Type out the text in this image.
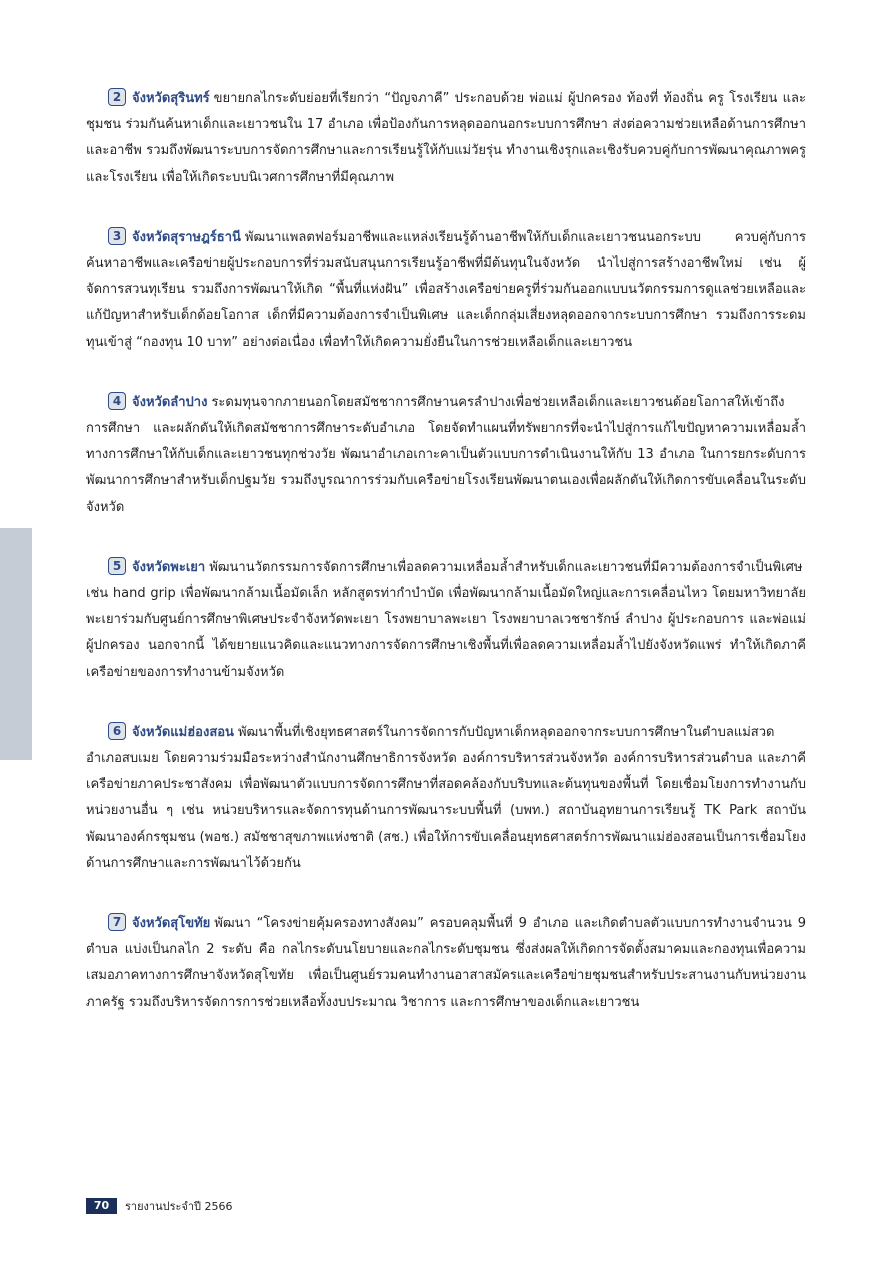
2 จังหวัดสุรินทร์ ขยายกลไกระดับย่อยที่เรียกว่า “ปัญจภาคี” ประกอบด้วย พ่อแม่ ผู้ปกครอง ท้องที่ ท้องถิ่น ครู โรงเรียน และชุมชน ร่วมกันค้นหาเด็กและเยาวชนใน 17 อำเภอ เพื่อป้องกันการหลุดออกนอกระบบการศึกษา ส่งต่อความช่วยเหลือด้านการศึกษาและอาชีพ รวมถึงพัฒนาระบบการจัดการศึกษาและการเรียนรู้ให้กับแม่วัยรุ่น ทำงานเชิงรุกและเชิงรับควบคู่กับการพัฒนาคุณภาพครูและโรงเรียน เพื่อให้เกิดระบบนิเวศการศึกษาที่มีคุณภาพ

3 จังหวัดสุราษฎร์ธานี พัฒนาแพลตฟอร์มอาชีพและแหล่งเรียนรู้ด้านอาชีพให้กับเด็กและเยาวชนนอกระบบ ควบคู่กับการค้นหาอาชีพและเครือข่ายผู้ประกอบการที่ร่วมสนับสนุนการเรียนรู้อาชีพที่มีต้นทุนในจังหวัด นำไปสู่การสร้างอาชีพใหม่ เช่น ผู้จัดการสวนทุเรียน รวมถึงการพัฒนาให้เกิด “พื้นที่แห่งฝัน” เพื่อสร้างเครือข่ายครูที่ร่วมกันออกแบบนวัตกรรมการดูแลช่วยเหลือและแก้ปัญหาสำหรับเด็กด้อยโอกาส เด็กที่มีความต้องการจำเป็นพิเศษ และเด็กกลุ่มเสี่ยงหลุดออกจากระบบการศึกษา รวมถึงการระดมทุนเข้าสู่ “กองทุน 10 บาท” อย่างต่อเนื่อง เพื่อทำให้เกิดความยั่งยืนในการช่วยเหลือเด็กและเยาวชน

4 จังหวัดลำปาง ระดมทุนจากภายนอกโดยสมัชชาการศึกษานครลำปางเพื่อช่วยเหลือเด็กและเยาวชนด้อยโอกาสให้เข้าถึงการศึกษา และผลักดันให้เกิดสมัชชาการศึกษาระดับอำเภอ โดยจัดทำแผนที่ทรัพยากรที่จะนำไปสู่การแก้ไขปัญหาความเหลื่อมล้ำทางการศึกษาให้กับเด็กและเยาวชนทุกช่วงวัย พัฒนาอำเภอเกาะคาเป็นตัวแบบการดำเนินงานให้กับ 13 อำเภอ ในการยกระดับการพัฒนาการศึกษาสำหรับเด็กปฐมวัย รวมถึงบูรณาการร่วมกับเครือข่ายโรงเรียนพัฒนาตนเองเพื่อผลักดันให้เกิดการขับเคลื่อนในระดับจังหวัด

5 จังหวัดพะเยา พัฒนานวัตกรรมการจัดการศึกษาเพื่อลดความเหลื่อมล้ำสำหรับเด็กและเยาวชนที่มีความต้องการจำเป็นพิเศษ เช่น hand grip เพื่อพัฒนากล้ามเนื้อมัดเล็ก หลักสูตรท่ากำบำบัด เพื่อพัฒนากล้ามเนื้อมัดใหญ่และการเคลื่อนไหว โดยมหาวิทยาลัยพะเยาร่วมกับศูนย์การศึกษาพิเศษประจำจังหวัดพะเยา โรงพยาบาลพะเยา โรงพยาบาลเวชชารักษ์ ลำปาง ผู้ประกอบการ และพ่อแม่ผู้ปกครอง นอกจากนี้ ได้ขยายแนวคิดและแนวทางการจัดการศึกษาเชิงพื้นที่เพื่อลดความเหลื่อมล้ำไปยังจังหวัดแพร่ ทำให้เกิดภาคีเครือข่ายของการทำงานข้ามจังหวัด

6 จังหวัดแม่ฮ่องสอน พัฒนาพื้นที่เชิงยุทธศาสตร์ในการจัดการกับปัญหาเด็กหลุดออกจากระบบการศึกษาในตำบลแม่สวด อำเภอสบเมย โดยความร่วมมือระหว่างสำนักงานศึกษาธิการจังหวัด องค์การบริหารส่วนจังหวัด องค์การบริหารส่วนตำบล และภาคีเครือข่ายภาคประชาสังคม เพื่อพัฒนาตัวแบบการจัดการศึกษาที่สอดคล้องกับบริบทและต้นทุนของพื้นที่ โดยเชื่อมโยงการทำงานกับหน่วยงานอื่น ๆ เช่น หน่วยบริหารและจัดการทุนด้านการพัฒนาระบบพื้นที่ (บพท.) สถาบันอุทยานการเรียนรู้ TK Park สถาบันพัฒนาองค์กรชุมชน (พอช.) สมัชชาสุขภาพแห่งชาติ (สช.) เพื่อให้การขับเคลื่อนยุทธศาสตร์การพัฒนาแม่ฮ่องสอนเป็นการเชื่อมโยงด้านการศึกษาและการพัฒนาไว้ด้วยกัน

7 จังหวัดสุโขทัย พัฒนา “โครงข่ายคุ้มครองทางสังคม” ครอบคลุมพื้นที่ 9 อำเภอ และเกิดตำบลตัวแบบการทำงานจำนวน 9 ตำบล แบ่งเป็นกลไก 2 ระดับ คือ กลไกระดับนโยบายและกลไกระดับชุมชน ซึ่งส่งผลให้เกิดการจัดตั้งสมาคมและกองทุนเพื่อความเสมอภาคทางการศึกษาจังหวัดสุโขทัย เพื่อเป็นศูนย์รวมคนทำงานอาสาสมัครและเครือข่ายชุมชนสำหรับประสานงานกับหน่วยงานภาครัฐ รวมถึงบริหารจัดการการช่วยเหลือทั้งงบประมาณ วิชาการ และการศึกษาของเด็กและเยาวชน

70	รายงานประจำปี 2566
